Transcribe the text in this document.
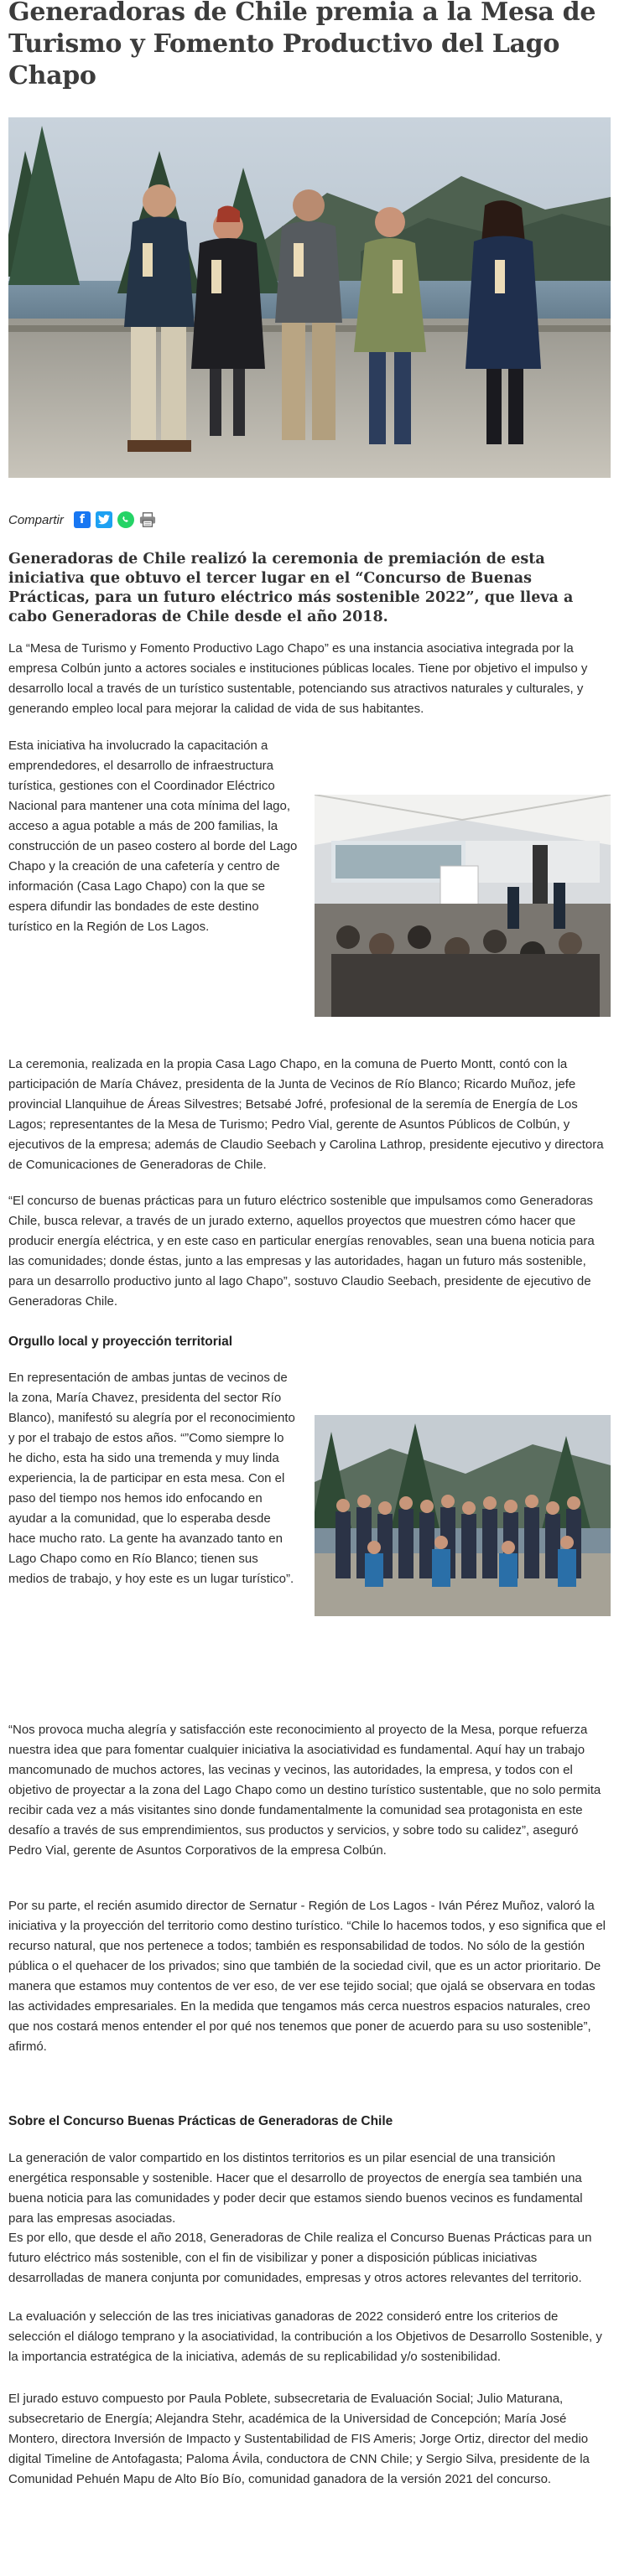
Generadoras de Chile premia a la Mesa de Turismo y Fomento Productivo del Lago Chapo
Compartir	f

Generadoras de Chile realizó la ceremonia de premiación de esta iniciativa que obtuvo el tercer lugar en el “Concurso de Buenas Prácticas, para un futuro eléctrico más sostenible 2022”, que lleva a cabo Generadoras de Chile desde el año 2018.

La “Mesa de Turismo y Fomento Productivo Lago Chapo” es una instancia asociativa integrada por la empresa Colbún junto a actores sociales e instituciones públicas locales. Tiene por objetivo el impulso y desarrollo local a través de un turístico sustentable, potenciando sus atractivos naturales y culturales, y generando empleo local para mejorar la calidad de vida de sus habitantes.

Esta iniciativa ha involucrado la capacitación a emprendedores, el desarrollo de infraestructura turística, gestiones con el Coordinador Eléctrico Nacional para mantener una cota mínima del lago, acceso a agua potable a más de 200 familias, la construcción de un paseo costero al borde del Lago Chapo y la creación de una cafetería y centro de información (Casa Lago Chapo) con la que se espera difundir las bondades de este destino turístico en la Región de Los Lagos.

La ceremonia, realizada en la propia Casa Lago Chapo, en la comuna de Puerto Montt, contó con la participación de María Chávez, presidenta de la Junta de Vecinos de Río Blanco; Ricardo Muñoz, jefe provincial Llanquihue de Áreas Silvestres; Betsabé Jofré, profesional de la seremía de Energía de Los Lagos; representantes de la Mesa de Turismo; Pedro Vial, gerente de Asuntos Públicos de Colbún, y ejecutivos de la empresa; además de Claudio Seebach y Carolina Lathrop, presidente ejecutivo y directora de Comunicaciones de Generadoras de Chile.

“El concurso de buenas prácticas para un futuro eléctrico sostenible que impulsamos como Generadoras Chile, busca relevar, a través de un jurado externo, aquellos proyectos que muestren cómo hacer que producir energía eléctrica, y en este caso en particular energías renovables, sean una buena noticia para las comunidades; donde éstas, junto a las empresas y las autoridades, hagan un futuro más sostenible, para un desarrollo productivo junto al lago Chapo”, sostuvo Claudio Seebach, presidente de ejecutivo de Generadoras Chile.

Orgullo local y proyección territorial

En representación de ambas juntas de vecinos de la zona, María Chavez, presidenta del sector Río Blanco), manifestó su alegría por el reconocimiento y por el trabajo de estos años. “”Como siempre lo he dicho, esta ha sido una tremenda y muy linda experiencia, la de participar en esta mesa. Con el paso del tiempo nos hemos ido enfocando en ayudar a la comunidad, que lo esperaba desde hace mucho rato. La gente ha avanzado tanto en Lago Chapo como en Río Blanco; tienen sus medios de trabajo, y hoy este es un lugar turístico”.

“Nos provoca mucha alegría y satisfacción este reconocimiento al proyecto de la Mesa, porque refuerza nuestra idea que para fomentar cualquier iniciativa la asociatividad es fundamental. Aquí hay un trabajo mancomunado de muchos actores, las vecinas y vecinos, las autoridades, la empresa, y todos con el objetivo de proyectar a la zona del Lago Chapo como un destino turístico sustentable, que no solo permita recibir cada vez a más visitantes sino donde fundamentalmente la comunidad sea protagonista en este desafío a través de sus emprendimientos, sus productos y servicios, y sobre todo su calidez”, aseguró Pedro Vial, gerente de Asuntos Corporativos de la empresa Colbún.

Por su parte, el recién asumido director de Sernatur - Región de Los Lagos - Iván Pérez Muñoz, valoró la iniciativa y la proyección del territorio como destino turístico. “Chile lo hacemos todos, y eso significa que el recurso natural, que nos pertenece a todos; también es responsabilidad de todos. No sólo de la gestión pública o el quehacer de los privados; sino que también de la sociedad civil, que es un actor prioritario. De manera que estamos muy contentos de ver eso, de ver ese tejido social; que ojalá se observara en todas las actividades empresariales. En la medida que tengamos más cerca nuestros espacios naturales, creo que nos costará menos entender el por qué nos tenemos que poner de acuerdo para su uso sostenible”, afirmó.

Sobre el Concurso Buenas Prácticas de Generadoras de Chile

La generación de valor compartido en los distintos territorios es un pilar esencial de una transición energética responsable y sostenible. Hacer que el desarrollo de proyectos de energía sea también una buena noticia para las comunidades y poder decir que estamos siendo buenos vecinos es fundamental para las empresas asociadas.

Es por ello, que desde el año 2018, Generadoras de Chile realiza el Concurso Buenas Prácticas para un futuro eléctrico más sostenible, con el fin de visibilizar y poner a disposición públicas iniciativas desarrolladas de manera conjunta por comunidades, empresas y otros actores relevantes del territorio.

La evaluación y selección de las tres iniciativas ganadoras de 2022 consideró entre los criterios de selección el diálogo temprano y la asociatividad, la contribución a los Objetivos de Desarrollo Sostenible, y la importancia estratégica de la iniciativa, además de su replicabilidad y/o sostenibilidad.

El jurado estuvo compuesto por Paula Poblete, subsecretaria de Evaluación Social; Julio Maturana, subsecretario de Energía; Alejandra Stehr, académica de la Universidad de Concepción; María José Montero, directora Inversión de Impacto y Sustentabilidad de FIS Ameris; Jorge Ortiz, director del medio digital Timeline de Antofagasta; Paloma Ávila, conductora de CNN Chile; y Sergio Silva, presidente de la Comunidad Pehuén Mapu de Alto Bío Bío, comunidad ganadora de la versión 2021 del concurso.
